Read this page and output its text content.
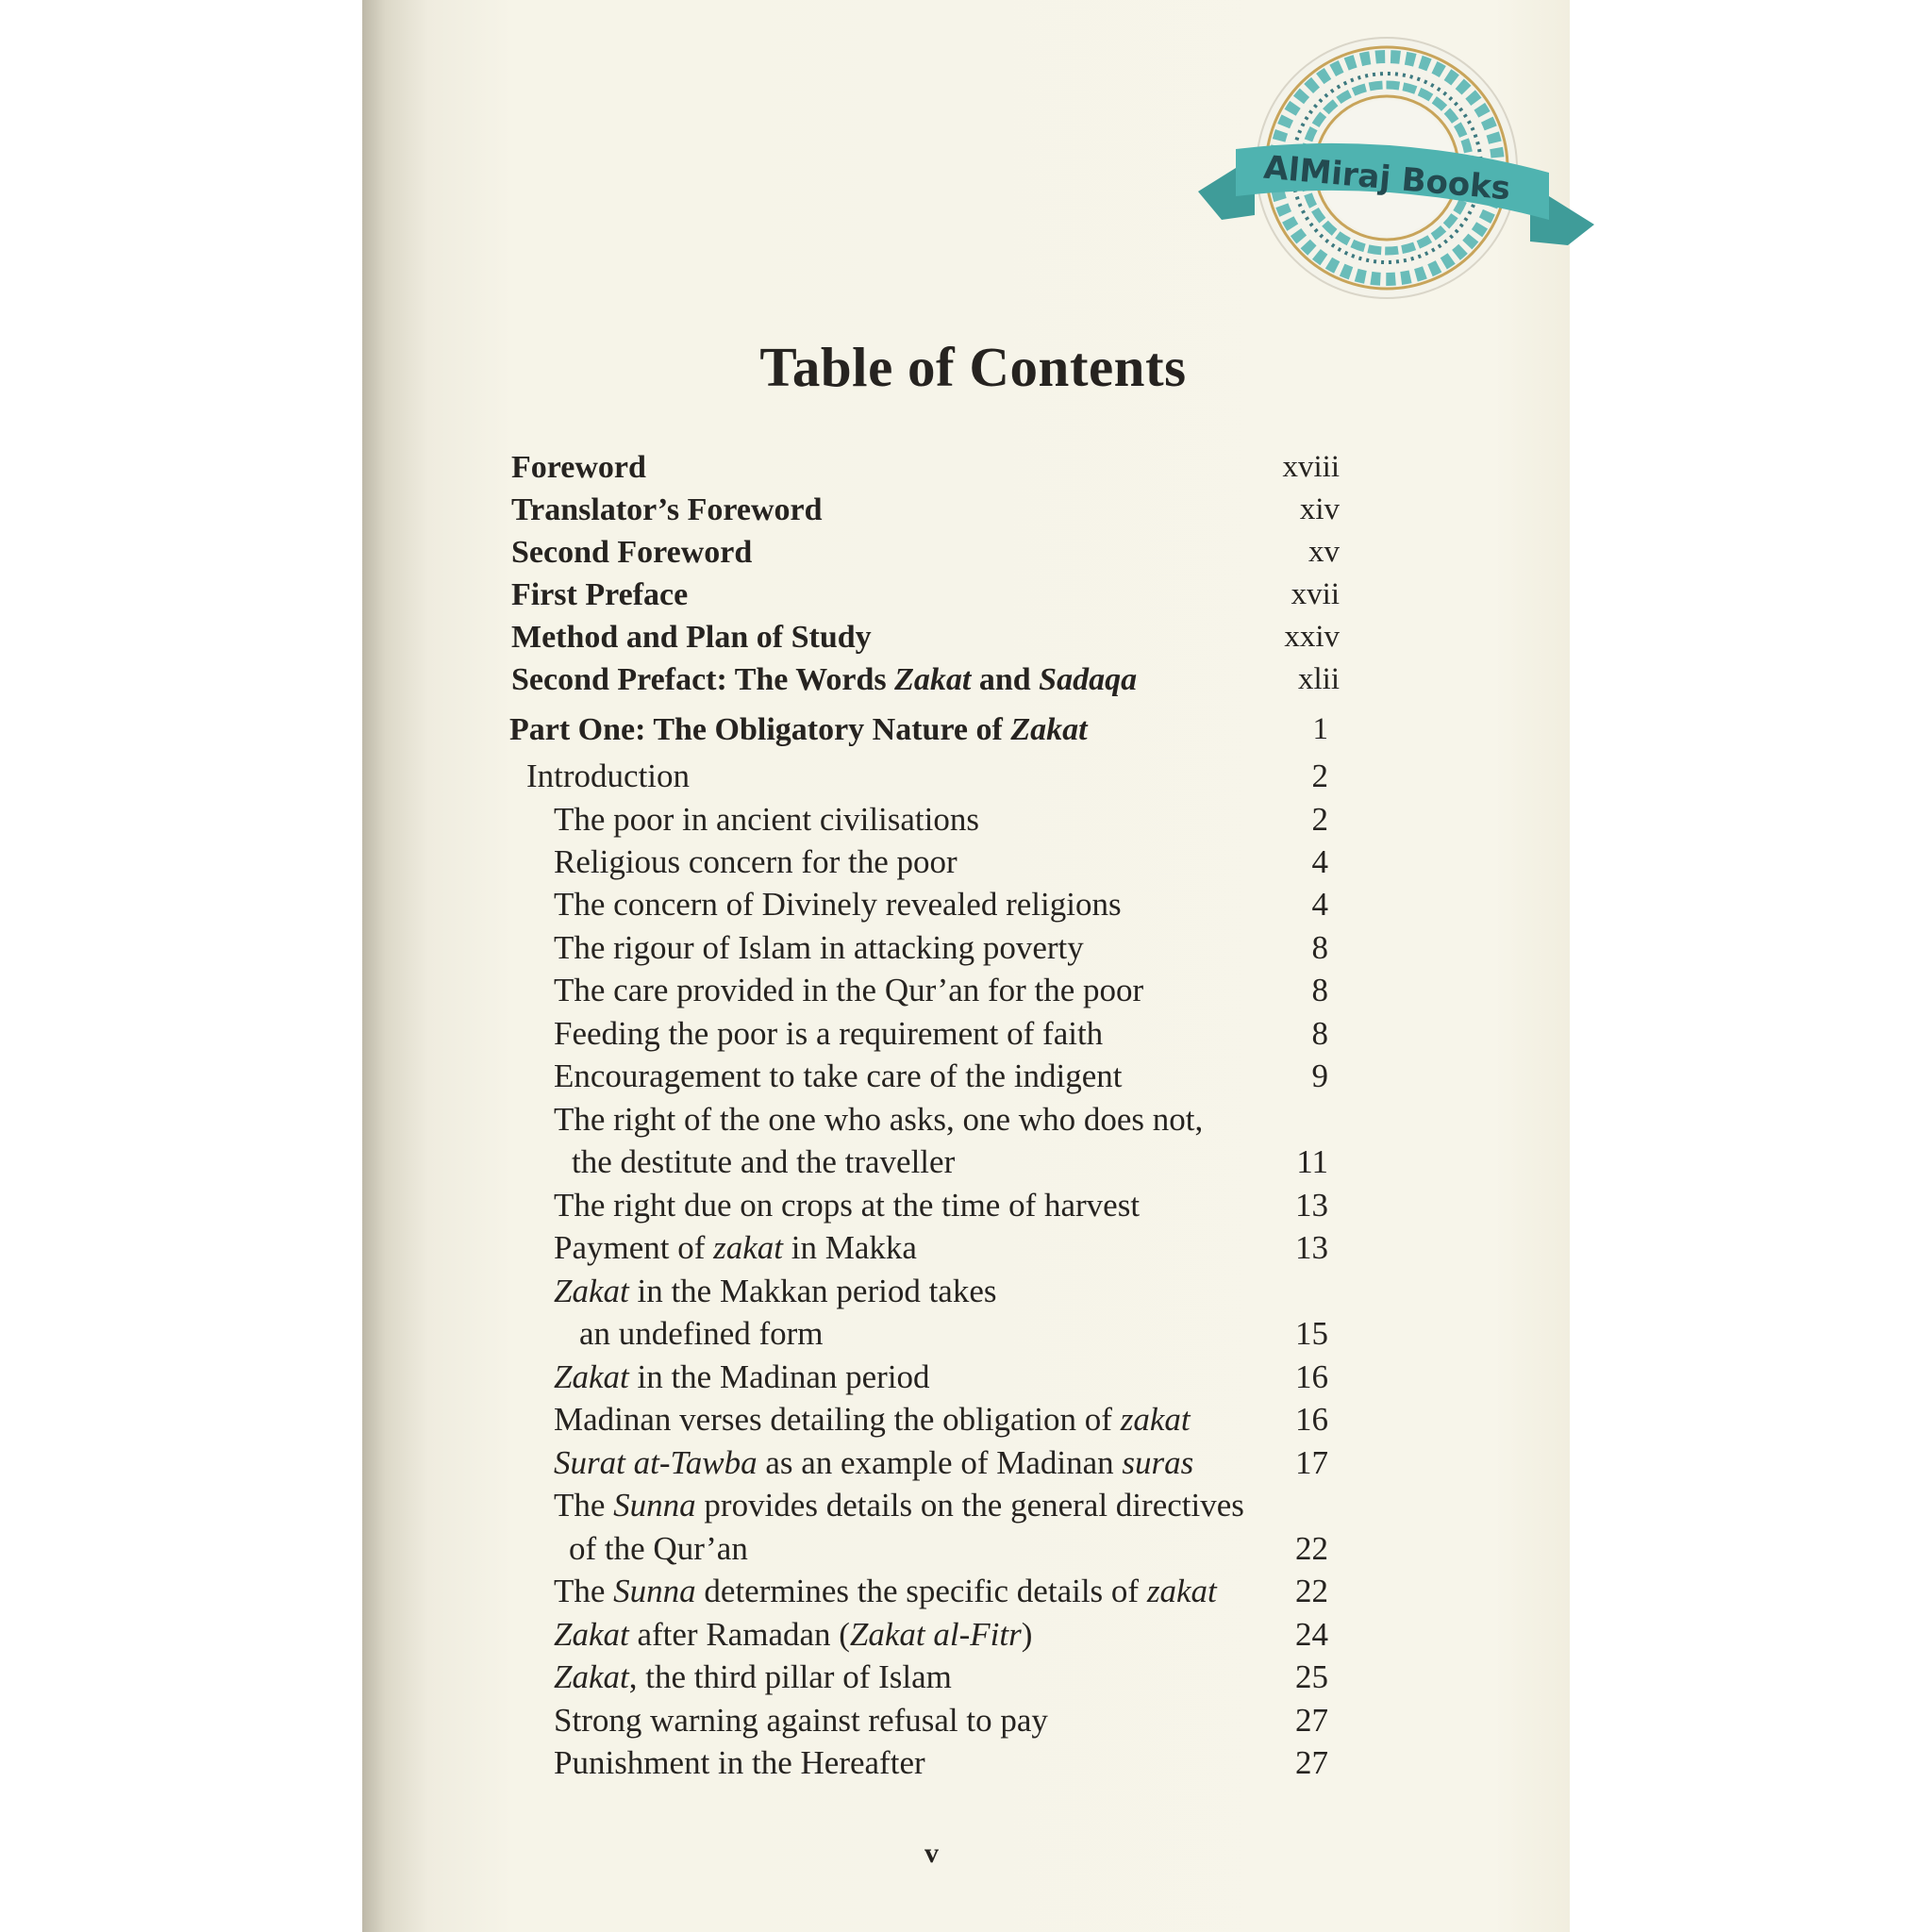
AlMiraj Books
Table of Contents
Foreword	xviii
Translator’s Foreword	xiv
Second Foreword	xv
First Preface	xvii
Method and Plan of Study	xxiv
Second Prefact: The Words Zakat and Sadaqa	xlii
Part One: The Obligatory Nature of Zakat	1
Introduction	2
The poor in ancient civilisations	2
Religious concern for the poor	4
The concern of Divinely revealed religions	4
The rigour of Islam in attacking poverty	8
The care provided in the Qur’an for the poor	8
Feeding the poor is a requirement of faith	8
Encouragement to take care of the indigent	9
The right of the one who asks, one who does not,
the destitute and the traveller	11
The right due on crops at the time of harvest	13
Payment of zakat in Makka	13
Zakat in the Makkan period takes
an undefined form	15
Zakat in the Madinan period	16
Madinan verses detailing the obligation of zakat	16
Surat at-Tawba as an example of Madinan suras	17
The Sunna provides details on the general directives
of the Qur’an	22
The Sunna determines the specific details of zakat 22
Zakat after Ramadan (Zakat al-Fitr)	24
Zakat, the third pillar of Islam	25
Strong warning against refusal to pay	27
Punishment in the Hereafter	27
v
